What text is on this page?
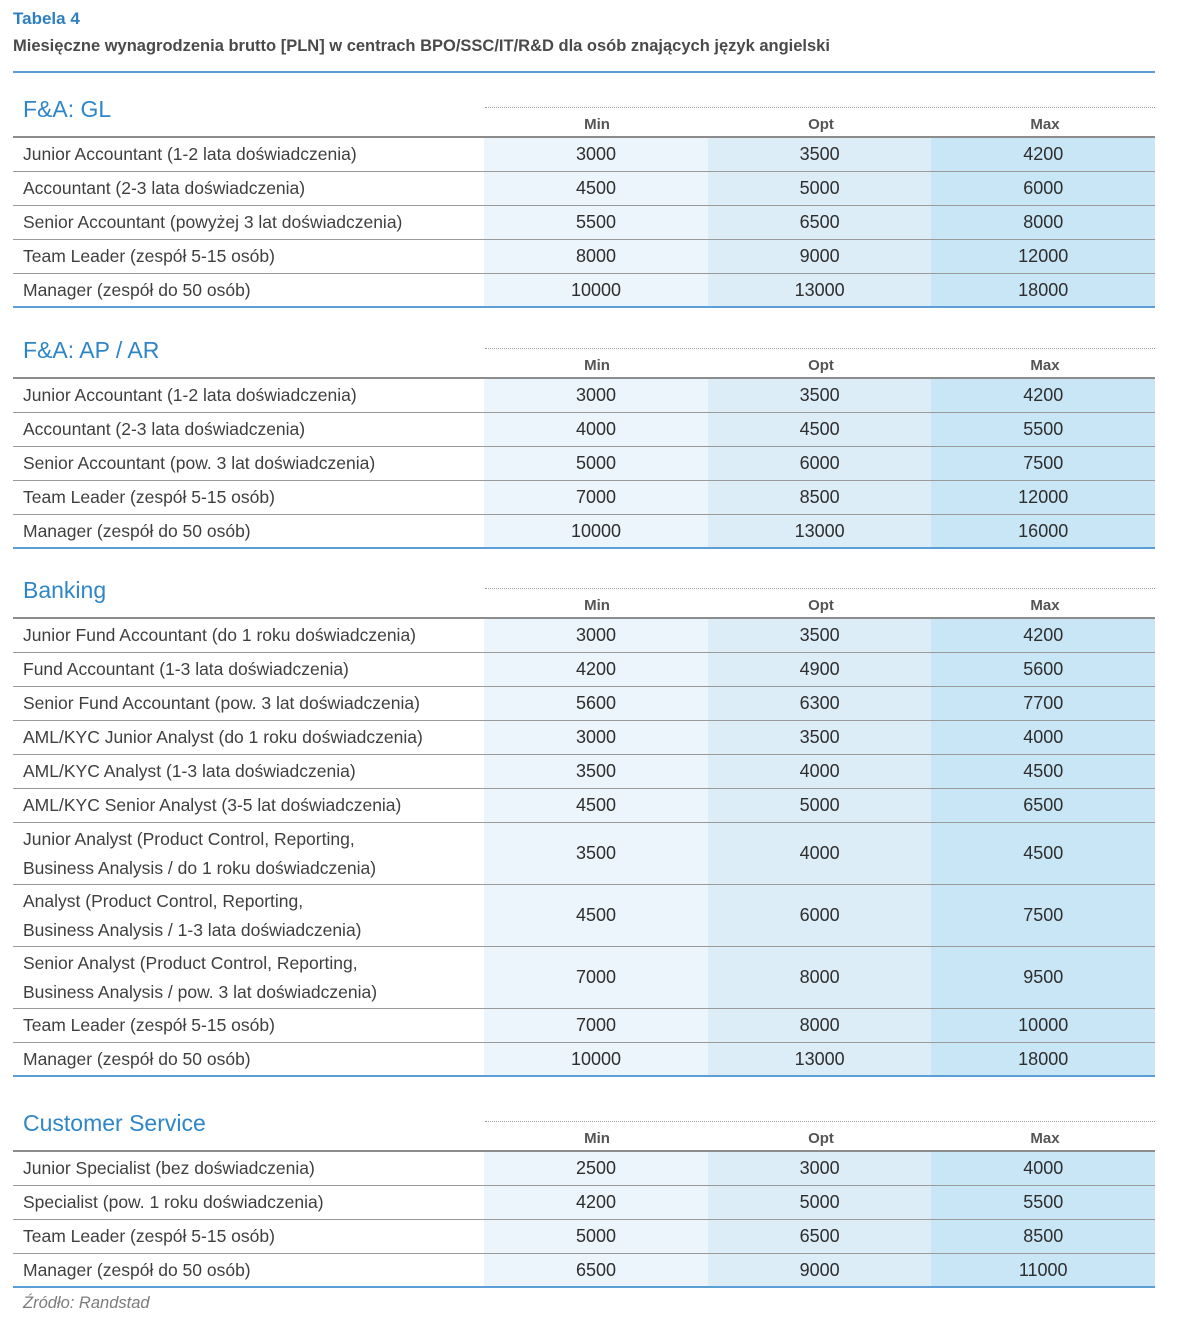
Tabela 4
Miesięczne wynagrodzenia brutto [PLN] w centrach BPO/SSC/IT/R&D dla osób znających język angielski
F&A: GL
Min	Opt	Max
Junior Accountant (1-2 lata doświadczenia)	3000	3500	4200
Accountant (2-3 lata doświadczenia)	4500	5000	6000
Senior Accountant (powyżej 3 lat doświadczenia)	5500	6500	8000
Team Leader (zespół 5-15 osób)	8000	9000	12000
Manager (zespół do 50 osób)	10000	13000	18000
F&A: AP / AR
Min	Opt	Max
Junior Accountant (1-2 lata doświadczenia)	3000	3500	4200
Accountant (2-3 lata doświadczenia)	4000	4500	5500
Senior Accountant (pow. 3 lat doświadczenia)	5000	6000	7500
Team Leader (zespół 5-15 osób)	7000	8500	12000
Manager (zespół do 50 osób)	10000	13000	16000
Banking
Min	Opt	Max
Junior Fund Accountant (do 1 roku doświadczenia)	3000	3500	4200
Fund Accountant (1-3 lata doświadczenia)	4200	4900	5600
Senior Fund Accountant (pow. 3 lat doświadczenia)	5600	6300	7700
AML/KYC Junior Analyst (do 1 roku doświadczenia)	3000	3500	4000
AML/KYC Analyst (1-3 lata doświadczenia)	3500	4000	4500
AML/KYC Senior Analyst (3-5 lat doświadczenia)	4500	5000	6500
Junior Analyst (Product Control, Reporting,
Business Analysis / do 1 roku doświadczenia)
3500	4000	4500
Analyst (Product Control, Reporting,
Business Analysis / 1-3 lata doświadczenia)
4500	6000	7500
Senior Analyst (Product Control, Reporting,
Business Analysis / pow. 3 lat doświadczenia)
7000	8000	9500
Team Leader (zespół 5-15 osób)	7000	8000	10000
Manager (zespół do 50 osób)	10000	13000	18000
Customer Service
Min	Opt	Max
Junior Specialist (bez doświadczenia)	2500	3000	4000
Specialist (pow. 1 roku doświadczenia)	4200	5000	5500
Team Leader (zespół 5-15 osób)	5000	6500	8500
Manager (zespół do 50 osób)	6500	9000	11000
Źródło: Randstad
